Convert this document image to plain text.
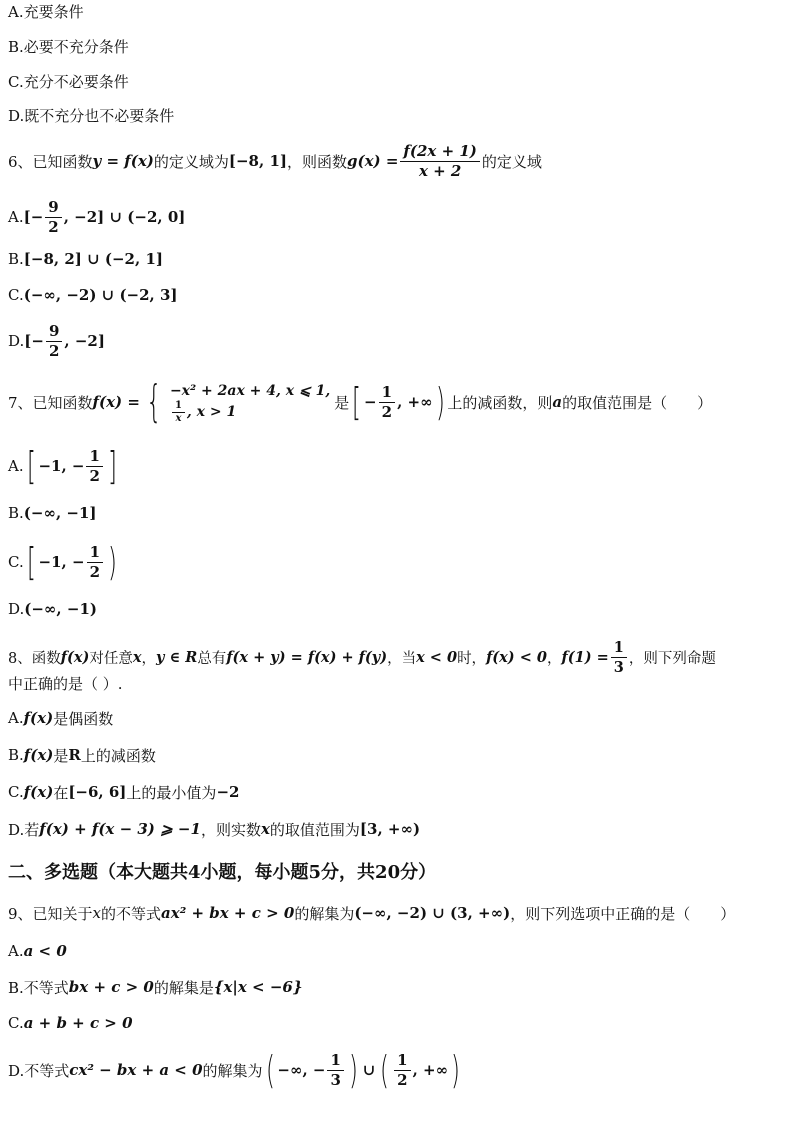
A.充要条件
B.必要不充分条件
C.充分不必要条件
D.既不充分也不必要条件
6、已知函数 y = f(x) 的定义域为 [−8, 1] ，则函数 $g(x) = \frac{f(2x + 1)}{x + 2}$ 的定义域
A. [− $\frac{9}{2}$ , −2] ∪ (−2, 0]
B. [−8, 2] ∪ (−2, 1]
C. (−∞, −2) ∪ (−2, 3]
D. [− $\frac{9}{2}$ , −2]
7、已知函数 f(x) = { −x² + 2ax + 4, x ⩽ 1,
$\frac{1}{x}$ , x > 1
是 [ − $\frac{1}{2}$ , +∞ ) 上的减函数，则 a 的取值范围是（　　）
A. [ −1, − $\frac{1}{2}$ ]
B. (−∞, −1]
C. [ −1, − $\frac{1}{2}$ )
D. (−∞, −1)
8、函数 f(x) 对任意 x ， y ∈ R 总有 f(x + y) = f(x) + f(y) ，当 x < 0 时， f(x) < 0 ， $f(1) = \frac{1}{3}$ ，则下列命题
中正确的是（ ）.
A. f(x) 是偶函数
B. f(x) 是 R 上的减函数
C. f(x) 在 [−6, 6] 上的最小值为 −2
D.若 f(x) + f(x − 3) ⩾ −1 ，则实数 x 的取值范围为 [3, +∞)
二、多选题（本大题共4小题，每小题5分，共20分）
9、已知关于 x 的不等式 ax² + bx + c > 0 的解集为 (−∞, −2) ∪ (3, +∞) ，则下列选项中正确的是（　　）
A. a < 0
B.不等式 bx + c > 0 的解集是 {x|x < −6}
C. a + b + c > 0
D.不等式 cx² − bx + a < 0 的解集为 ( −∞, − $\frac{1}{3}$ ) ∪ ( $\frac{1}{2}$ , +∞ )
